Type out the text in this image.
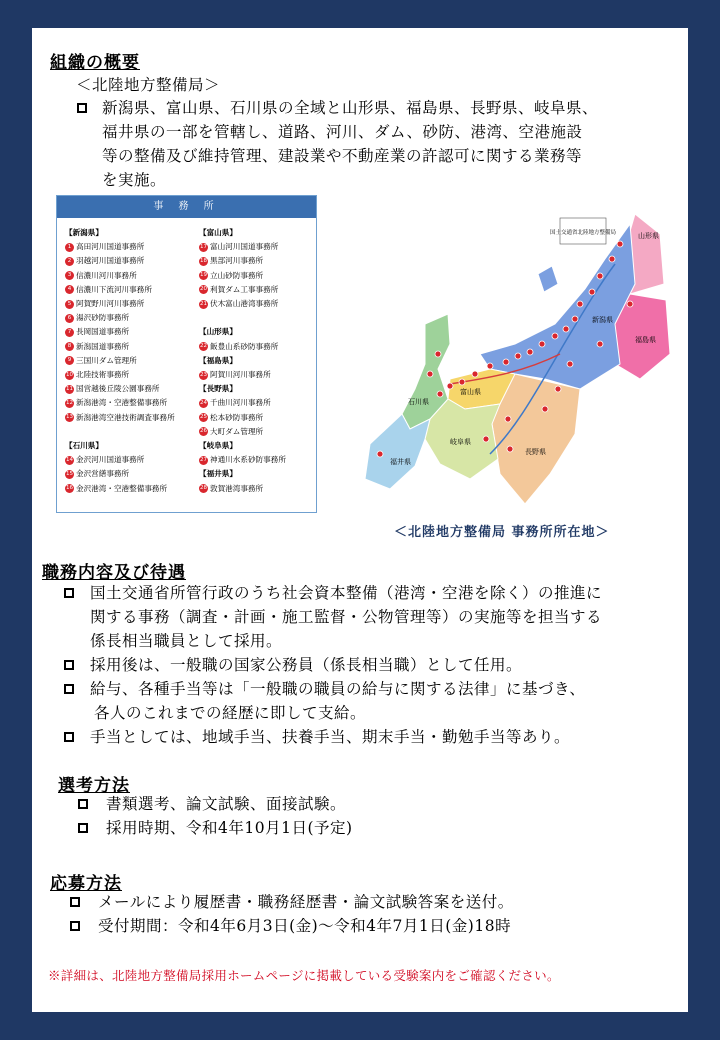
組織の概要
＜北陸地方整備局＞
新潟県、富山県、石川県の全域と山形県、福島県、長野県、岐阜県、
福井県の一部を管轄し、道路、河川、ダム、砂防、港湾、空港施設
等の整備及び維持管理、建設業や不動産業の許認可に関する業務等
を実施。
事 務 所
【新潟県】
1 高田河川国道事務所
2 羽越河川国道事務所
3 信濃川河川事務所
4 信濃川下流河川事務所
5 阿賀野川河川事務所
6 湯沢砂防事務所
7 長岡国道事務所
8 新潟国道事務所
9 三国川ダム管理所
10 北陸技術事務所
11 国営越後丘陵公園事務所
12 新潟港湾・空港整備事務所
13 新潟港湾空港技術調査事務所

【石川県】
14 金沢河川国道事務所
15 金沢営繕事務所
16 金沢港湾・空港整備事務所
【富山県】
17 富山河川国道事務所
18 黒部河川事務所
19 立山砂防事務所
20 利賀ダム工事事務所
21 伏木富山港湾事務所

【山形県】
22 飯豊山系砂防事務所
【福島県】
23 阿賀川河川事務所
【長野県】
24 千曲川河川事務所
25 松本砂防事務所
26 大町ダム管理所
【岐阜県】
27 神通川水系砂防事務所
【福井県】
28 敦賀港湾事務所
国土交通省北陸地方整備局	山形県
新潟県
福島県
富山県
石川県
岐阜県
長野県
福井県
＜北陸地方整備局 事務所所在地＞
職務内容及び待遇
国土交通省所管行政のうち社会資本整備（港湾・空港を除く）の推進に
関する事務（調査・計画・施工監督・公物管理等）の実施等を担当する
係長相当職員として採用。
採用後は、一般職の国家公務員（係長相当職）として任用。
給与、各種手当等は「一般職の職員の給与に関する法律」に基づき、
各人のこれまでの経歴に即して支給。
手当としては、地域手当、扶養手当、期末手当・勤勉手当等あり。
選考方法
書類選考、論文試験、面接試験。
採用時期、令和4年10月1日(予定)
応募方法
メールにより履歴書・職務経歴書・論文試験答案を送付。
受付期間：令和4年6月3日(金)～令和4年7月1日(金)18時
※詳細は、北陸地方整備局採用ホームページに掲載している受験案内をご確認ください。
